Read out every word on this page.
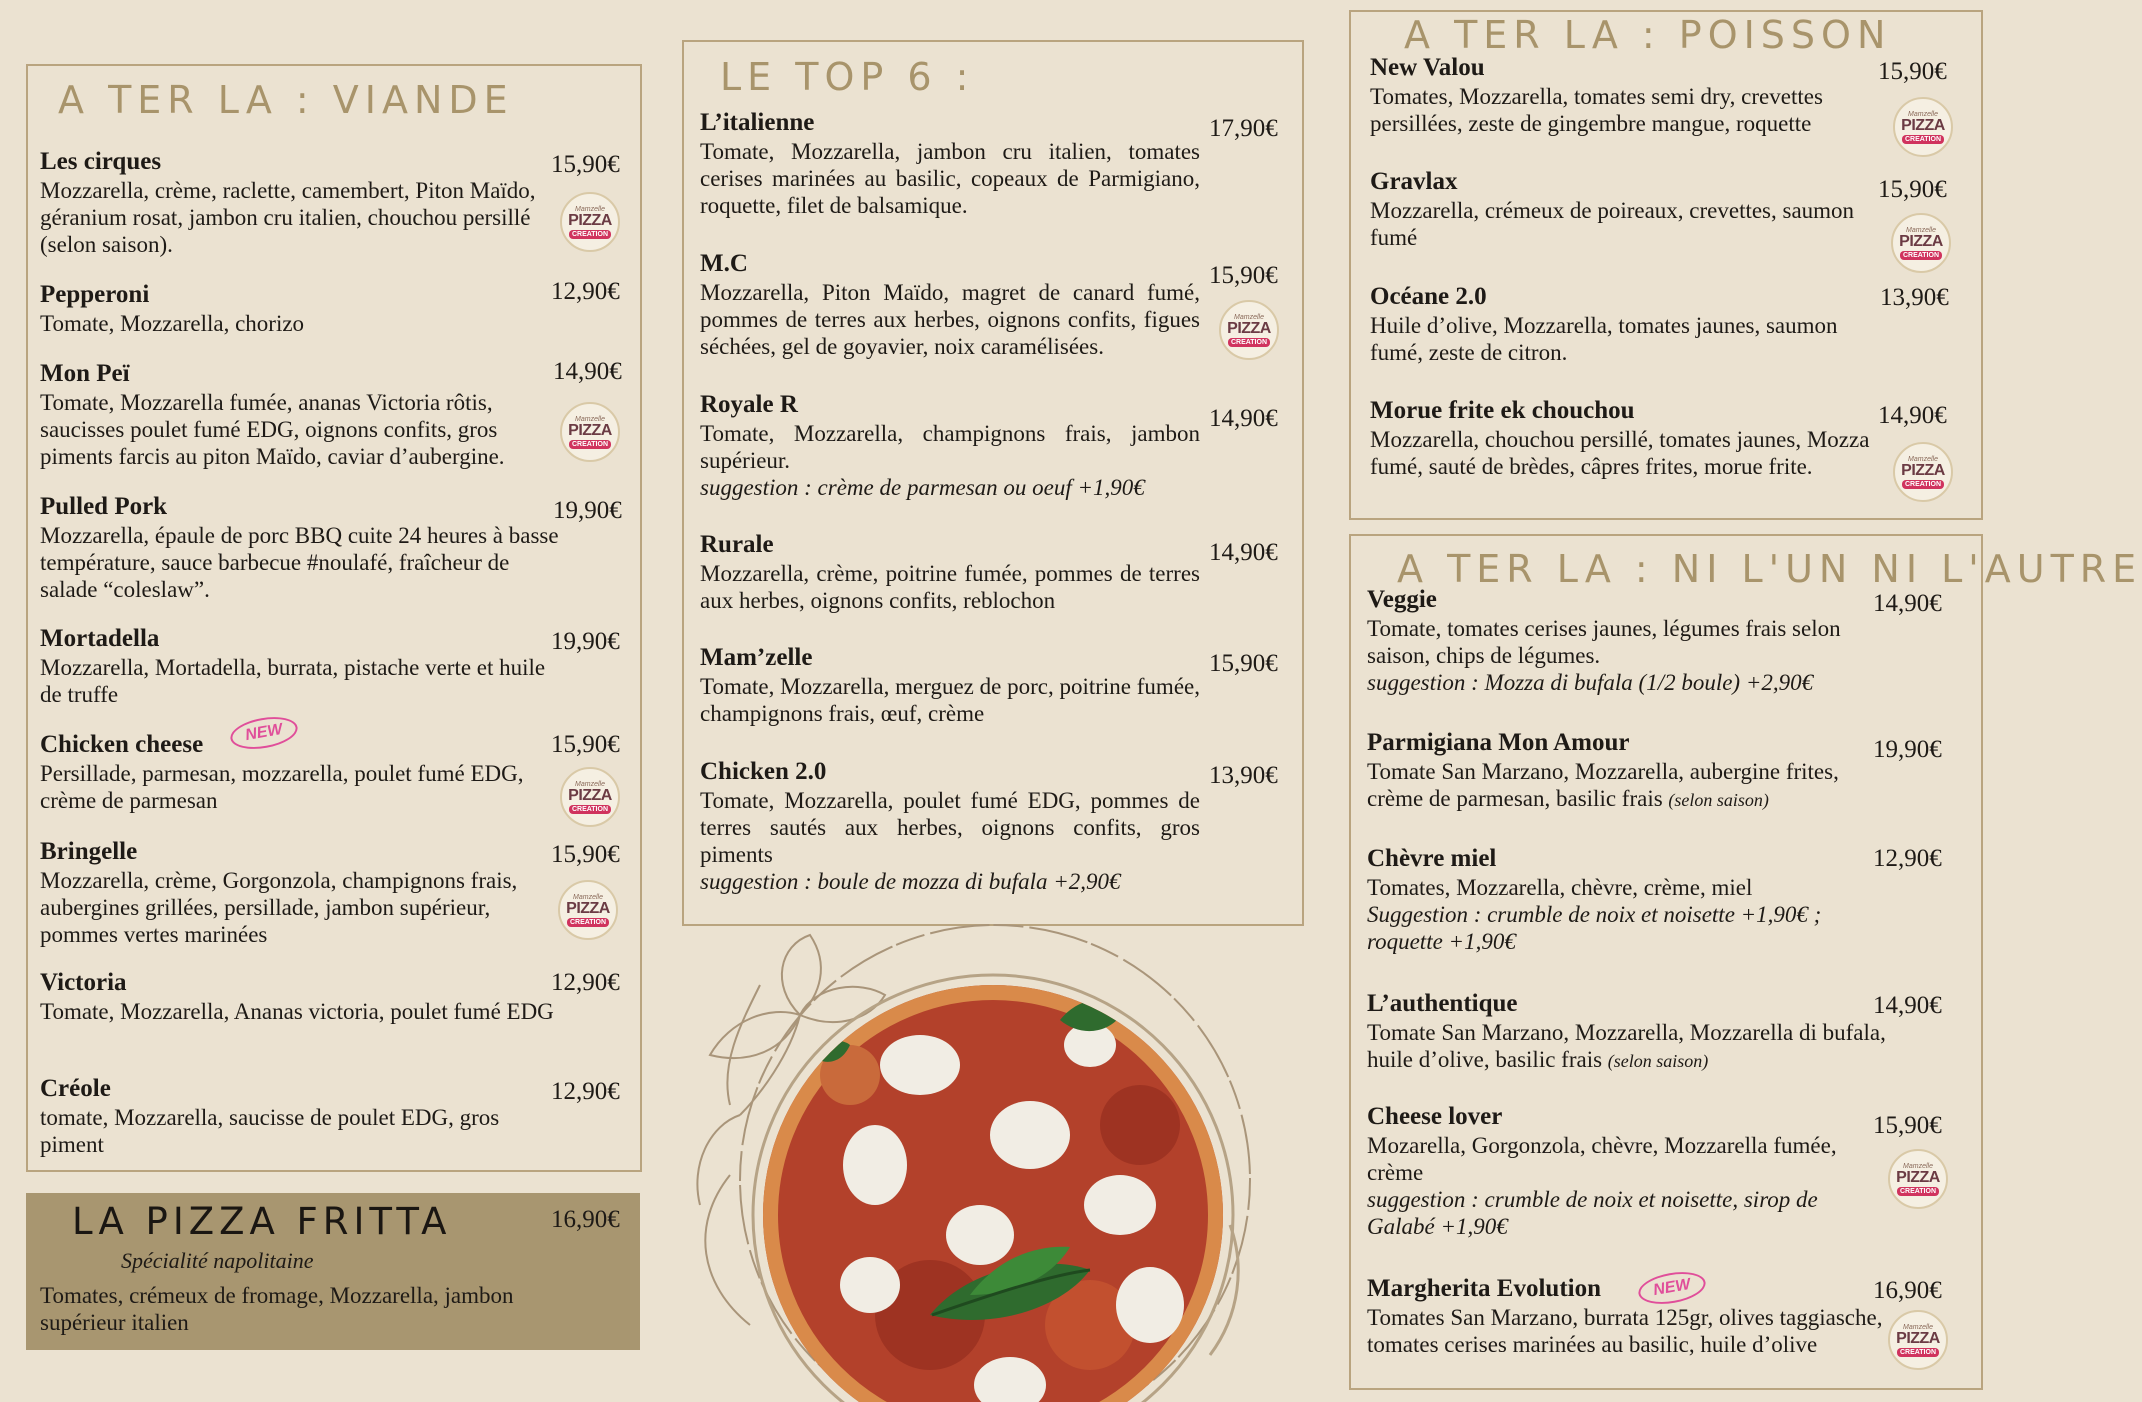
A TER LA : VIANDE
Les cirques
Mozzarella, crème, raclette, camembert, Piton Maïdo, géranium rosat, jambon cru italien, chouchou persillé (selon saison).
15,90€
Mamzelle
PIZZA
CREATION
Pepperoni
Tomate, Mozzarella, chorizo
12,90€
Mon Peï
Tomate, Mozzarella fumée, ananas Victoria rôtis, saucisses poulet fumé EDG, oignons confits, gros piments farcis au piton Maïdo, caviar d’aubergine.
14,90€
Mamzelle
PIZZA
CREATION
Pulled Pork
Mozzarella, épaule de porc BBQ cuite 24 heures à basse température, sauce barbecue #noulafé, fraîcheur de salade “coleslaw”.
19,90€
Mortadella
Mozzarella, Mortadella, burrata, pistache verte et huile de truffe
19,90€
Chicken cheese
Persillade, parmesan, mozzarella, poulet fumé EDG, crème de parmesan
NEW	15,90€
Mamzelle
PIZZA
CREATION
Bringelle
Mozzarella, crème, Gorgonzola, champignons frais, aubergines grillées, persillade, jambon supérieur, pommes vertes marinées
15,90€
Mamzelle
PIZZA
CREATION
Victoria
Tomate, Mozzarella, Ananas victoria, poulet fumé EDG
12,90€
Créole
tomate, Mozzarella, saucisse de poulet EDG, gros piment
12,90€
LA PIZZA FRITTA	16,90€
Spécialité napolitaine
Tomates, crémeux de fromage, Mozzarella, jambon supérieur italien
LE TOP 6 :
L’italienne
Tomate, Mozzarella, jambon cru italien, tomates cerises marinées au basilic, copeaux de Parmigiano, roquette, filet de balsamique.
17,90€
M.C
Mozzarella, Piton Maïdo, magret de canard fumé, pommes de terres aux herbes, oignons confits, figues séchées, gel de goyavier, noix caramélisées.
15,90€
Mamzelle
PIZZA
CREATION
Royale R
Tomate, Mozzarella, champignons frais, jambon supérieur.
suggestion : crème de parmesan ou oeuf +1,90€
14,90€
Rurale
Mozzarella, crème, poitrine fumée, pommes de terres aux herbes, oignons confits, reblochon
14,90€
Mam’zelle
Tomate, Mozzarella, merguez de porc, poitrine fumée, champignons frais, œuf, crème
15,90€
Chicken 2.0
Tomate, Mozzarella, poulet fumé EDG, pommes de terres sautés aux herbes, oignons confits, gros piments
suggestion : boule de mozza di bufala +2,90€
13,90€
A TER LA : POISSON
New Valou
Tomates, Mozzarella, tomates semi dry, crevettes persillées, zeste de gingembre mangue, roquette
15,90€
Mamzelle
PIZZA
CREATION
Gravlax
Mozzarella, crémeux de poireaux, crevettes, saumon fumé
15,90€
Mamzelle
PIZZA
CREATION
Océane 2.0
Huile d’olive, Mozzarella, tomates jaunes, saumon fumé, zeste de citron.
13,90€
Morue frite ek chouchou
Mozzarella, chouchou persillé, tomates jaunes, Mozza fumé, sauté de brèdes, câpres frites, morue frite.
14,90€
Mamzelle
PIZZA
CREATION
A TER LA : NI L'UN NI L'AUTRE
Veggie
Tomate, tomates cerises jaunes, légumes frais selon saison, chips de légumes.
suggestion : Mozza di bufala (1/2 boule) +2,90€
14,90€
Parmigiana Mon Amour
Tomate San Marzano, Mozzarella, aubergine frites, crème de parmesan, basilic frais (selon saison)
19,90€
Chèvre miel
Tomates, Mozzarella, chèvre, crème, miel
Suggestion : crumble de noix et noisette +1,90€ ; roquette +1,90€
12,90€
L’authentique
Tomate San Marzano, Mozzarella, Mozzarella di bufala, huile d’olive, basilic frais (selon saison)
14,90€
Cheese lover
Mozarella, Gorgonzola, chèvre, Mozzarella fumée, crème
suggestion : crumble de noix et noisette, sirop de Galabé +1,90€
15,90€
Mamzelle
PIZZA
CREATION
Margherita Evolution
Tomates San Marzano, burrata 125gr, olives taggiasche, tomates cerises marinées au basilic, huile d’olive
NEW	16,90€
Mamzelle
PIZZA
CREATION
